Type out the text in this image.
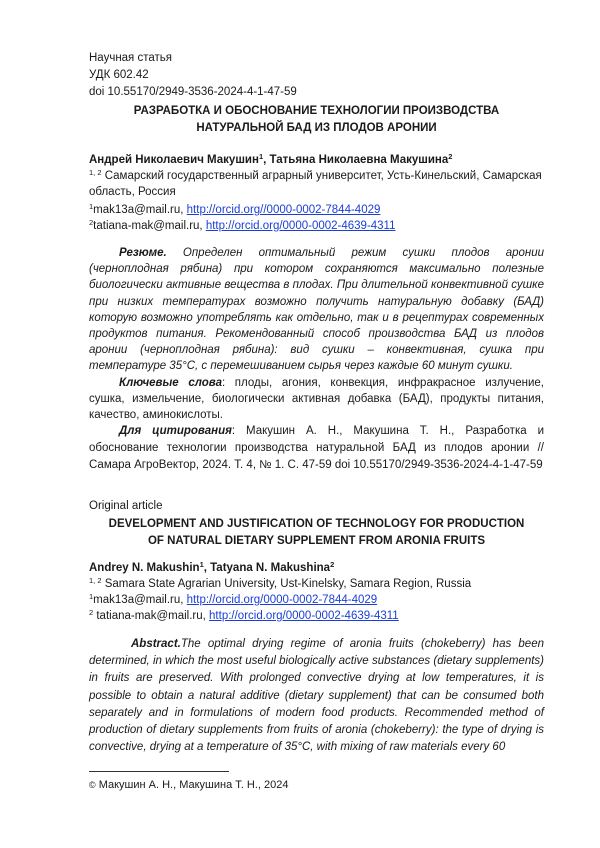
Научная статья
УДК 602.42
doi 10.55170/2949-3536-2024-4-1-47-59
РАЗРАБОТКА И ОБОСНОВАНИЕ ТЕХНОЛОГИИ ПРОИЗВОДСТВА
НАТУРАЛЬНОЙ БАД ИЗ ПЛОДОВ АРОНИИ
Андрей Николаевич Макушин$^1$, Татьяна Николаевна Макушина$^2$
$^{1, 2}$ Самарский государственный аграрный университет, Усть-Кинельский, Самарская
область, Россия
$^1$mak13a@mail.ru, http://orcid.org//0000-0002-7844-4029
$^2$tatiana-mak@mail.ru, http://orcid.org/0000-0002-4639-4311
Резюме. Определен оптимальный режим сушки плодов аронии (черноплодная рябина) при котором сохраняются максимально полезные биологически активные вещества в плодах. При длительной конвективной сушке при низких температурах возможно получить натуральную добавку (БАД) которую возможно употреблять как отдельно, так и в рецептурах современных продуктов питания. Рекомендованный способ производства БАД из плодов аронии (черноплодная рябина): вид сушки – конвективная, сушка при температуре 35°С, с перемешиванием сырья через каждые 60 минут сушки.
Ключевые слова: плоды, агония, конвекция, инфракрасное излучение, сушка, измельчение, биологически активная добавка (БАД), продукты питания, качество, аминокислоты.
Для цитирования: Макушин А. Н., Макушина Т. Н., Разработка и обоснование технологии производства натуральной БАД из плодов аронии // Самара АгроВектор, 2024. Т. 4, № 1. С. 47-59 doi 10.55170/2949-3536-2024-4-1-47-59
Original article
DEVELOPMENT AND JUSTIFICATION OF TECHNOLOGY FOR PRODUCTION
OF NATURAL DIETARY SUPPLEMENT FROM ARONIA FRUITS
Andrey N. Makushin$^1$, Tatyana N. Makushina$^2$
$^{1, 2}$ Samara State Agrarian University, Ust-Kinelsky, Samara Region, Russia
$^1$mak13a@mail.ru, http://orcid.org/0000-0002-7844-4029
$^2$ tatiana-mak@mail.ru, http://orcid.org/0000-0002-4639-4311
Abstract.The optimal drying regime of aronia fruits (chokeberry) has been determined, in which the most useful biologically active substances (dietary supplements) in fruits are preserved. With prolonged convective drying at low temperatures, it is possible to obtain a natural additive (dietary supplement) that can be consumed both separately and in formulations of modern food products. Recommended method of production of dietary supplements from fruits of aronia (chokeberry): the type of drying is convective, drying at a temperature of 35°C, with mixing of raw materials every 60
© Макушин А. Н., Макушина Т. Н., 2024
